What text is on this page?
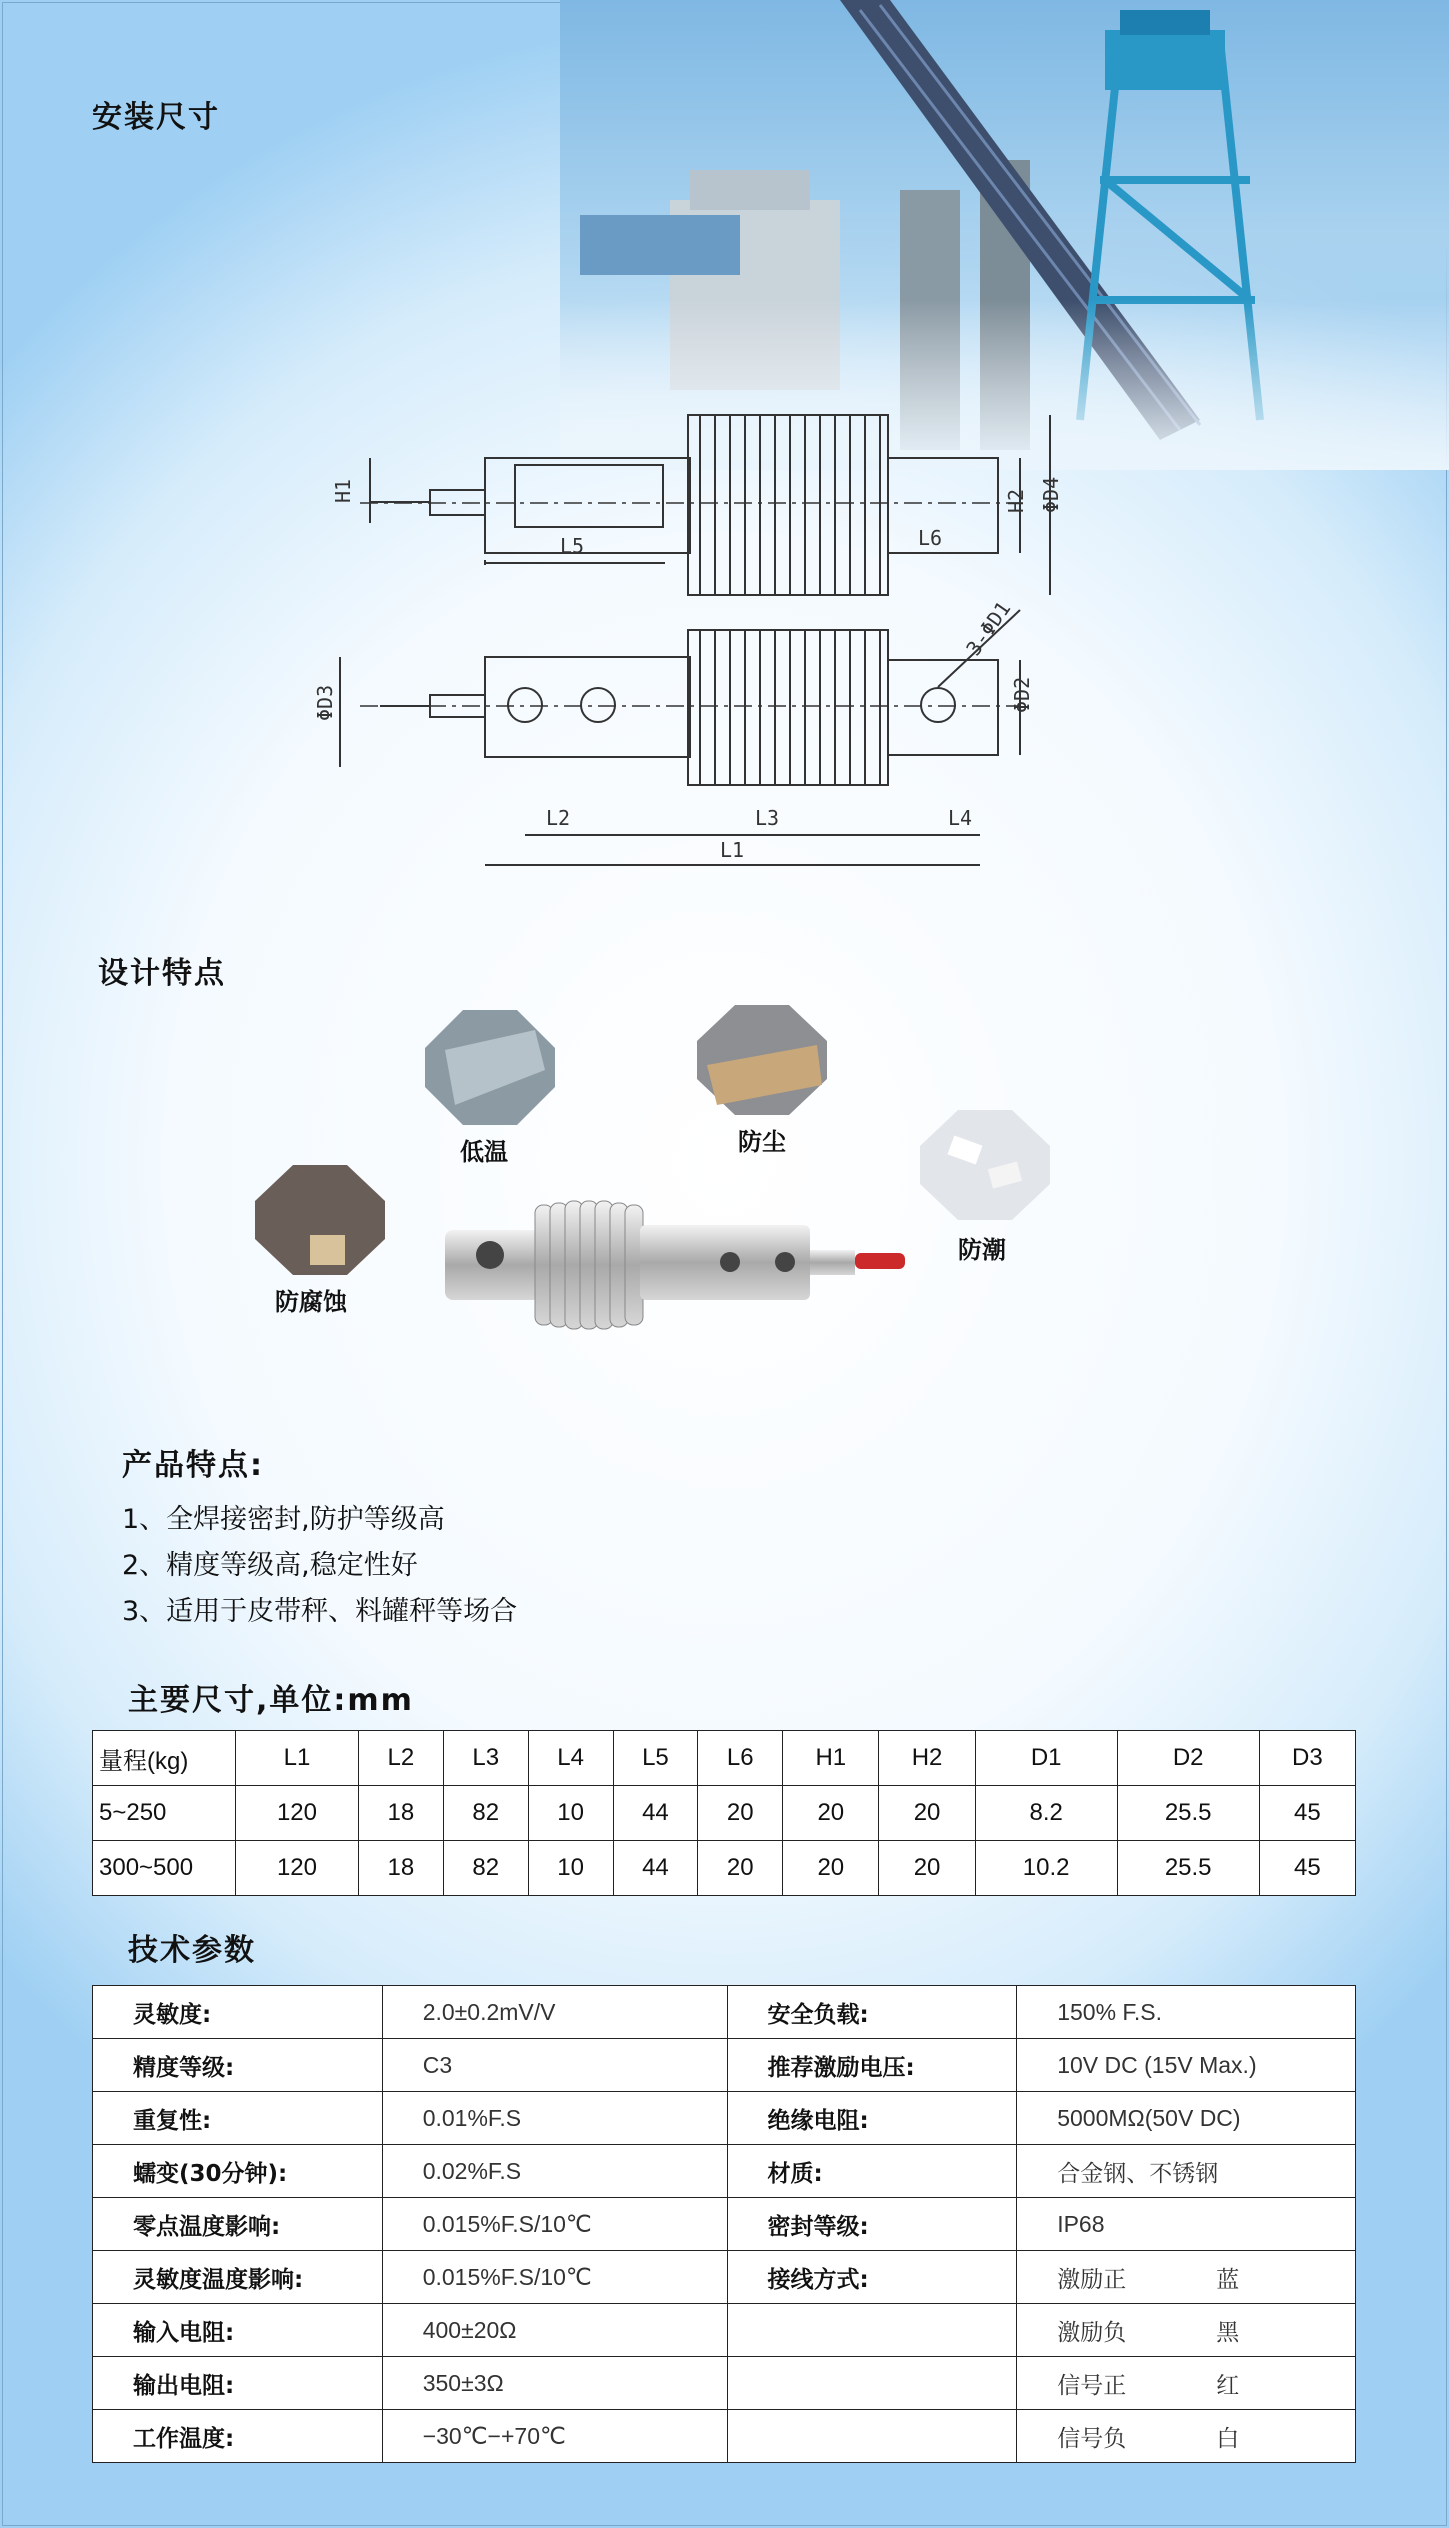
安装尺寸
H1
L5	L6
H2 ΦD4
ΦD3	ΦD2
3-ΦD1
L2	L3	L4
L1
设计特点
低温	防尘
防潮
防腐蚀
产品特点:
1、全焊接密封,防护等级高
2、精度等级高,稳定性好
3、适用于皮带秤、料罐秤等场合
主要尺寸,单位:mm
量程(kg)	L1	L2	L3	L4	L5	L6	H1	H2	D1	D2	D3
5~250	120	18	82	10	44	20	20	20	8.2	25.5	45
300~500	120	18	82	10	44	20	20	20	10.2	25.5	45
技术参数
灵敏度:	2.0±0.2mV/V	安全负载:	150% F.S.
精度等级:	C3	推荐激励电压:	10V DC (15V Max.)
重复性:	0.01%F.S	绝缘电阻:	5000MΩ(50V DC)
蠕变(30分钟):	0.02%F.S	材质:	合金钢、不锈钢
零点温度影响:	0.015%F.S/10℃	密封等级:	IP68
灵敏度温度影响:	0.015%F.S/10℃	接线方式:	激励正 蓝
输入电阻:	400±20Ω		激励负 黑
输出电阻:	350±3Ω		信号正 红
工作温度:	−30℃−+70℃		信号负 白
